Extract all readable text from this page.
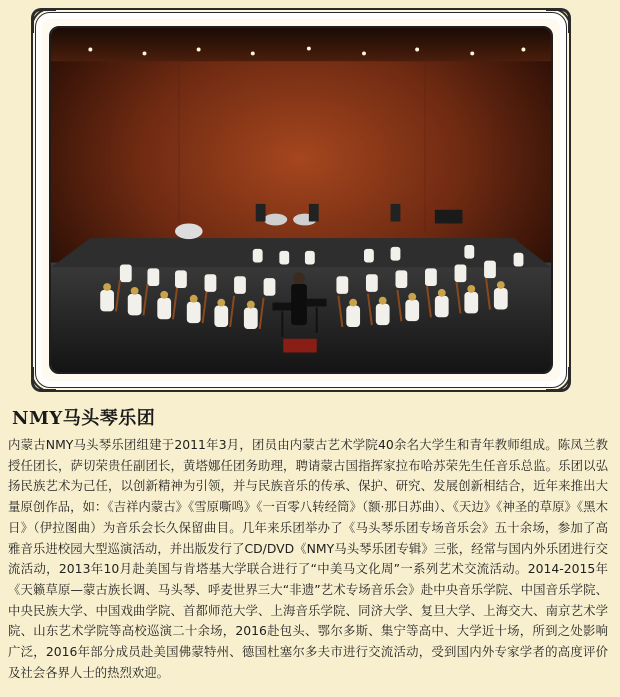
NMY马头琴乐团

内蒙古NMY马头琴乐团组建于2011年3月，团员由内蒙古艺术学院40余名大学生和青年教师组成。陈凤兰教授任团长，萨切荣贵任副团长，黄塔娜任团务助理，聘请蒙古国指挥家拉布哈苏荣先生任音乐总监。乐团以弘扬民族艺术为己任，以创新精神为引领，并与民族音乐的传承、保护、研究、发展创新相结合，近年来推出大量原创作品，如：《吉祥内蒙古》《雪原嘶鸣》《一百零八转经筒》（额·那日苏曲）、《天边》《神圣的草原》《黑木日》（伊拉图曲）为音乐会长久保留曲目。几年来乐团举办了《马头琴乐团专场音乐会》五十余场，参加了高雅音乐进校园大型巡演活动，并出版发行了CD/DVD《NMY马头琴乐团专辑》三张，经常与国内外乐团进行交流活动，2013年10月赴美国与肯塔基大学联合进行了“中美马文化周”一系列艺术交流活动。2014-2015年《天籁草原—蒙古族长调、马头琴、呼麦世界三大“非遗”艺术专场音乐会》赴中央音乐学院、中国音乐学院、中央民族大学、中国戏曲学院、首都师范大学、上海音乐学院、同济大学、复旦大学、上海交大、南京艺术学院、山东艺术学院等高校巡演二十余场，2016赴包头、鄂尔多斯、集宁等高中、大学近十场，所到之处影响广泛，2016年部分成员赴美国佛蒙特州、德国杜塞尔多夫市进行交流活动，受到国内外专家学者的高度评价及社会各界人士的热烈欢迎。
